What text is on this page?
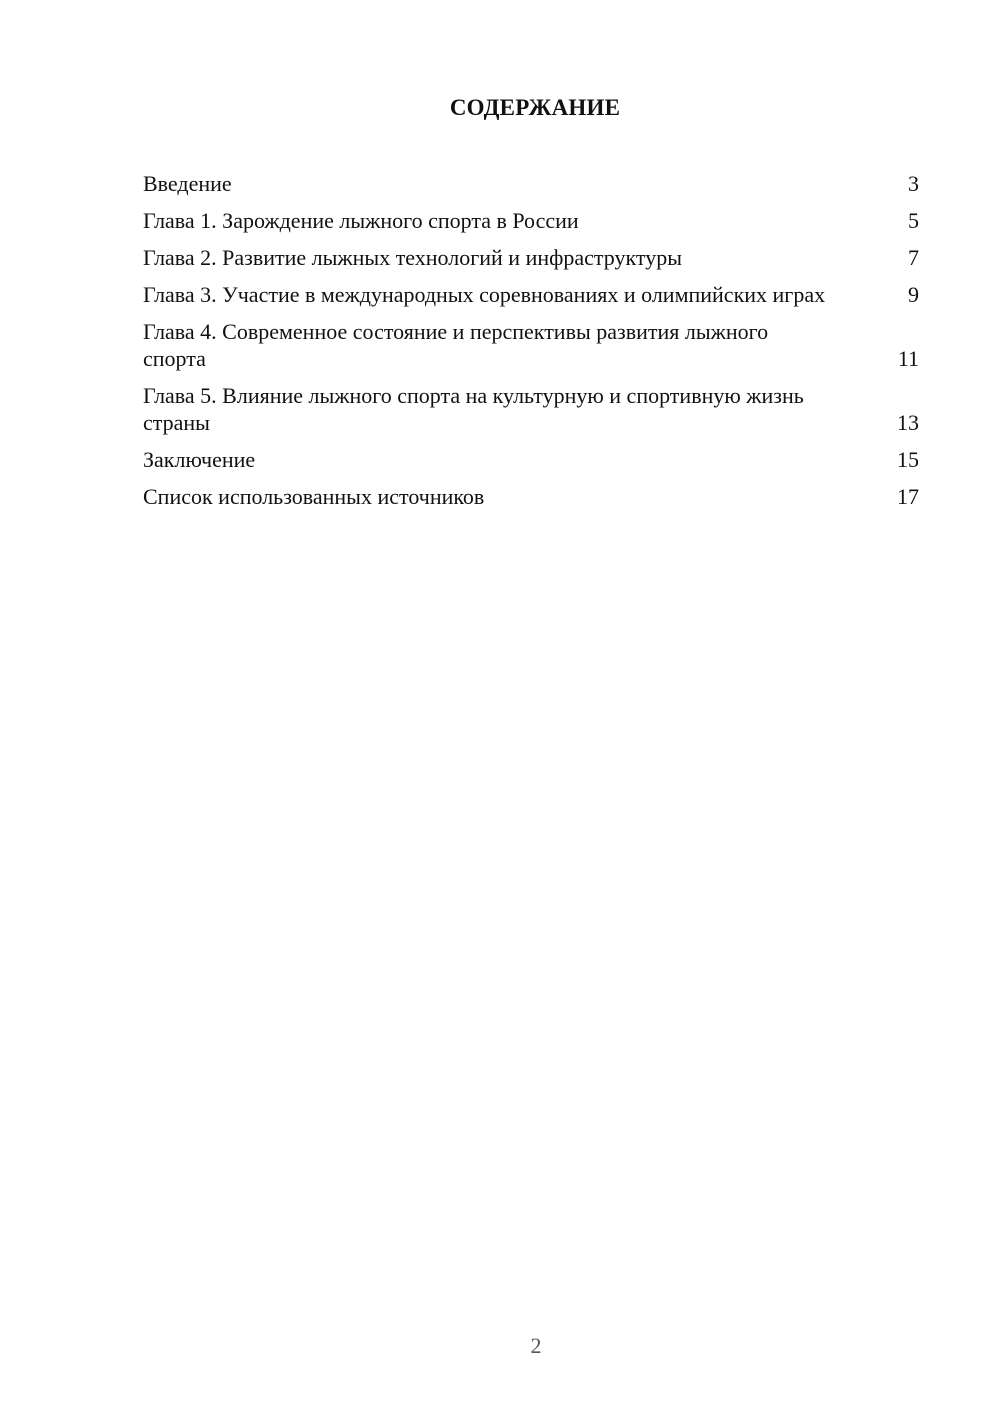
СОДЕРЖАНИЕ
Введение	3
Глава 1. Зарождение лыжного спорта в России	5
Глава 2. Развитие лыжных технологий и инфраструктуры	7
Глава 3. Участие в международных соревнованиях и олимпийских играх	9
Глава 4. Современное состояние и перспективы развития лыжного спорта	11
Глава 5. Влияние лыжного спорта на культурную и спортивную жизнь страны	13
Заключение	15
Список использованных источников	17
2
